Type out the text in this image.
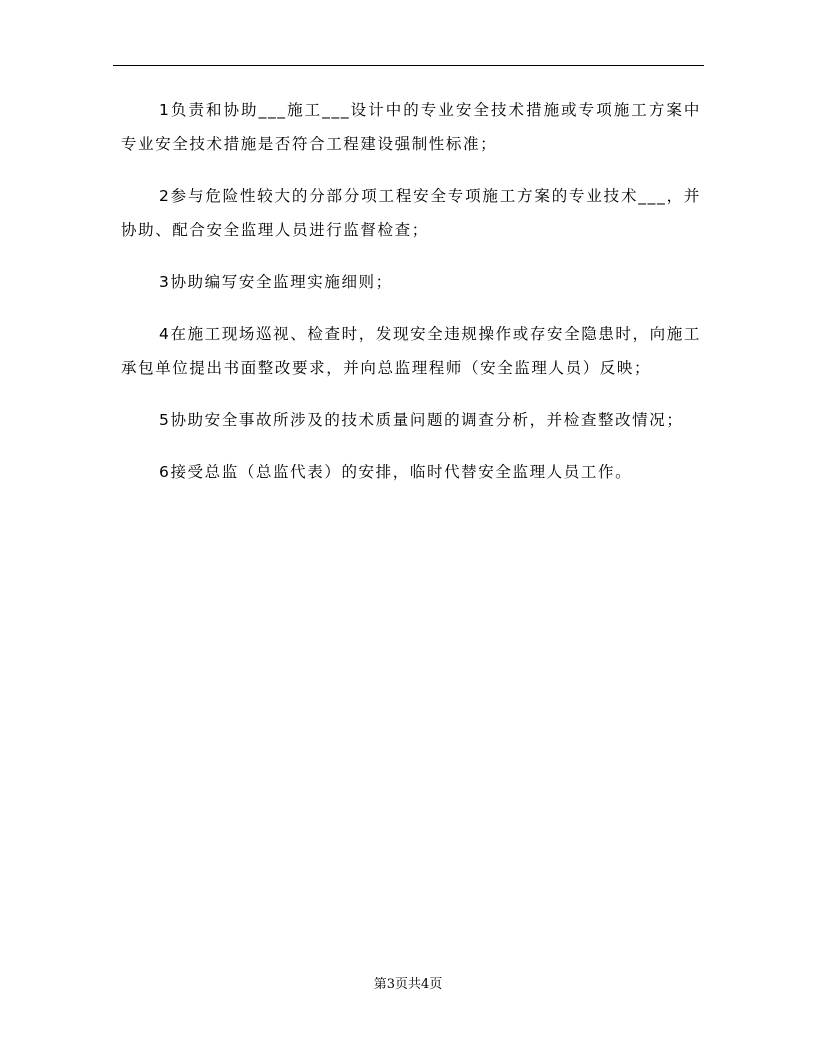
1负责和协助___施工___设计中的专业安全技术措施或专项施工方案中专业安全技术措施是否符合工程建设强制性标准；

2参与危险性较大的分部分项工程安全专项施工方案的专业技术___，并协助、配合安全监理人员进行监督检查；

3协助编写安全监理实施细则；

4在施工现场巡视、检查时，发现安全违规操作或存安全隐患时，向施工承包单位提出书面整改要求，并向总监理程师（安全监理人员）反映；

5协助安全事故所涉及的技术质量问题的调查分析，并检查整改情况；

6接受总监（总监代表）的安排，临时代替安全监理人员工作。

第3页共4页
